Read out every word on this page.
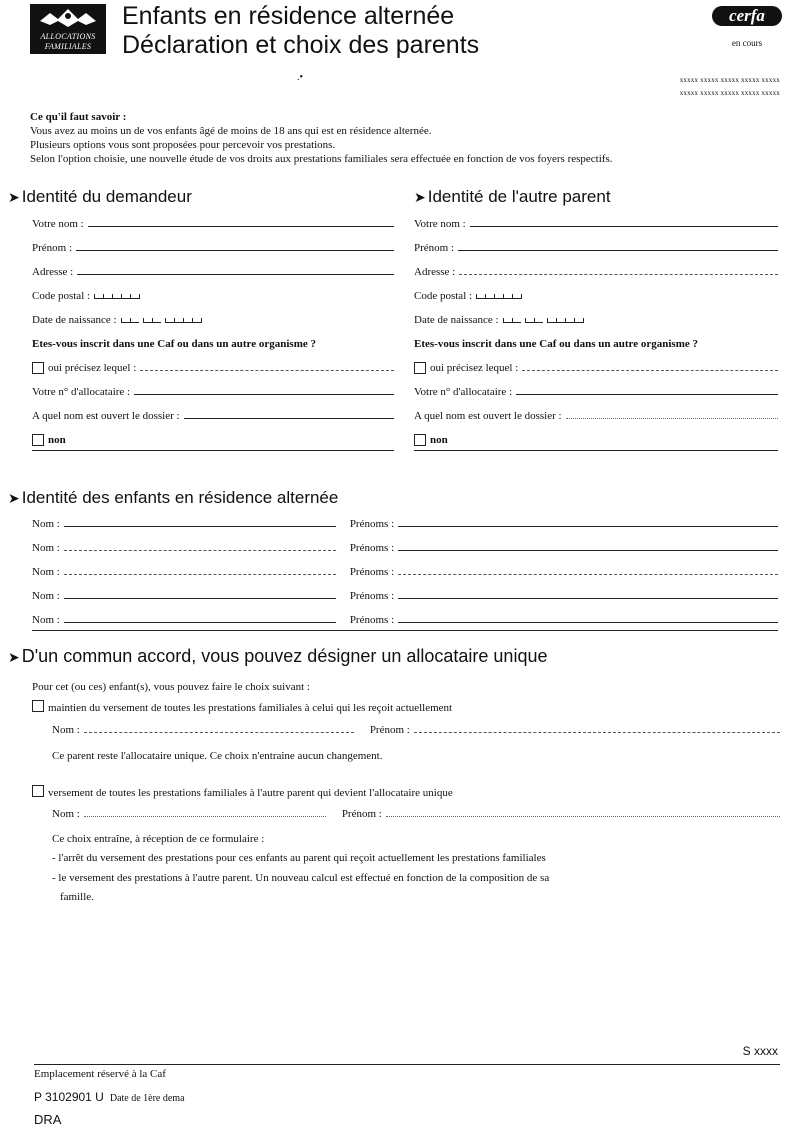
ALLOCATIONS FAMILIALES
Enfants en résidence alternée
Déclaration et choix des parents
cerfa
en cours
.•	xxxxx xxxxx xxxxx xxxxx xxxxx
xxxxx xxxxx xxxxx xxxxx xxxxx
Ce qu'il faut savoir :
Vous avez au moins un de vos enfants âgé de moins de 18 ans qui est en résidence alternée.
Plusieurs options vous sont proposées pour percevoir vos prestations.
Selon l'option choisie, une nouvelle étude de vos droits aux prestations familiales sera effectuée en fonction de vos foyers respectifs.
➤ Identité du demandeur
Votre nom :
Prénom :
Adresse :
Code postal :
Date de naissance :
Etes-vous inscrit dans une Caf ou dans un autre organisme ?
oui précisez lequel :
Votre n° d'allocataire :
A quel nom est ouvert le dossier :
non
➤ Identité de l'autre parent
Votre nom :
Prénom :
Adresse :
Code postal :
Date de naissance :
Etes-vous inscrit dans une Caf ou dans un autre organisme ?
oui précisez lequel :
Votre n° d'allocataire :
A quel nom est ouvert le dossier :
non
➤ Identité des enfants en résidence alternée
Nom :	Prénoms :
Nom :	Prénoms :
Nom :	Prénoms :
Nom :	Prénoms :
Nom :	Prénoms :
➤ D'un commun accord, vous pouvez désigner un allocataire unique
Pour cet (ou ces) enfant(s), vous pouvez faire le choix suivant :
maintien du versement de toutes les prestations familiales à celui qui les reçoit actuellement
Nom :	Prénom :
Ce parent reste l'allocataire unique. Ce choix n'entraine aucun changement.
versement de toutes les prestations familiales à l'autre parent qui devient l'allocataire unique
Nom :	Prénom :
Ce choix entraîne, à réception de ce formulaire :
- l'arrêt du versement des prestations pour ces enfants au parent qui reçoit actuellement les prestations familiales
- le versement des prestations à l'autre parent. Un nouveau calcul est effectué en fonction de la composition de sa
famille.
S xxxx
Emplacement réservé à la Caf
P 3102901 U Date de 1ère dema
DRA
